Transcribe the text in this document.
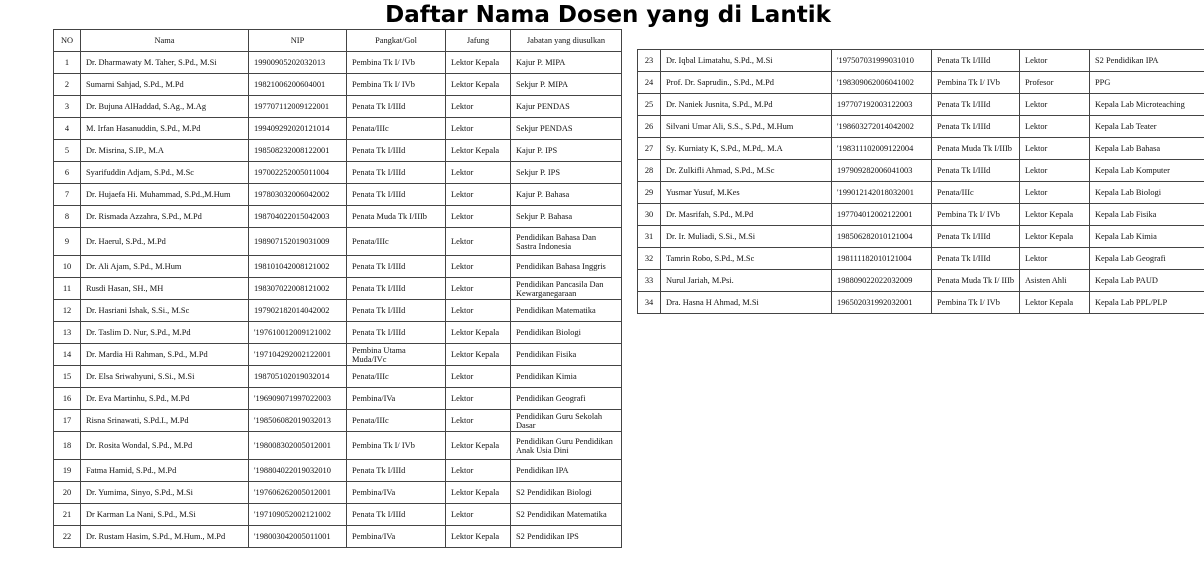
Daftar Nama Dosen yang di Lantik
NO	Nama	NIP	Pangkat/Gol	Jafung	Jabatan yang diusulkan
1	Dr. Dharmawaty M. Taher, S.Pd., M.Si	19900905202032013	Pembina Tk I/ IVb	Lektor Kepala	Kajur P. MIPA
2	Sumarni Sahjad, S.Pd., M.Pd	19821006200604001	Pembina Tk I/ IVb	Lektor Kepala	Sekjur P. MIPA
3	Dr. Bujuna AlHaddad, S.Ag., M.Ag	197707112009122001	Penata Tk I/IIId	Lektor	Kajur PENDAS
4	M. Irfan Hasanuddin, S.Pd., M.Pd	199409292020121014	Penata/IIIc	Lektor	Sekjur PENDAS
5	Dr. Misrina, S.IP., M.A	198508232008122001	Penata Tk I/IIId	Lektor Kepala	Kajur P. IPS
6	Syarifuddin Adjam, S.Pd., M.Sc	197002252005011004	Penata Tk I/IIId	Lektor	Sekjur P. IPS
7	Dr. Hujaefa Hi. Muhammad, S.Pd.,M.Hum	197803032006042002	Penata Tk I/IIId	Lektor	Kajur P. Bahasa
8	Dr. Rismada Azzahra, S.Pd., M.Pd	198704022015042003	Penata Muda Tk I/IIIb	Lektor	Sekjur P. Bahasa
9	Dr. Haerul, S.Pd., M.Pd	198907152019031009	Penata/IIIc	Lektor	Pendidikan Bahasa Dan Sastra Indonesia
10	Dr. Ali Ajam, S.Pd., M.Hum	198101042008121002	Penata Tk I/IIId	Lektor	Pendidikan Bahasa Inggris
11	Rusdi Hasan, SH., MH	198307022008121002	Penata Tk I/IIId	Lektor	Pendidikan Pancasila Dan Kewarganegaraan
12	Dr. Hasriani Ishak, S.Si., M.Sc	197902182014042002	Penata Tk I/IIId	Lektor	Pendidikan Matematika
13	Dr. Taslim D. Nur, S.Pd., M.Pd	'197610012009121002	Penata Tk I/IIId	Lektor Kepala	Pendidikan Biologi
14	Dr. Mardia Hi Rahman, S.Pd., M.Pd	'197104292002122001	Pembina Utama Muda/IVc	Lektor Kepala	Pendidikan Fisika
15	Dr. Elsa Sriwahyuni, S.Si., M.Si	198705102019032014	Penata/IIIc	Lektor	Pendidikan Kimia
16	Dr. Eva Martinhu, S.Pd., M.Pd	'196909071997022003	Pembina/IVa	Lektor	Pendidikan Geografi
17	Risna Srinawati, S.Pd.I., M.Pd	'198506082019032013	Penata/IIIc	Lektor	Pendidikan Guru Sekolah Dasar
18	Dr. Rosita Wondal, S.Pd., M.Pd	'198008302005012001	Pembina Tk I/ IVb	Lektor Kepala	Pendidikan Guru Pendidikan Anak Usia Dini
19	Fatma Hamid, S.Pd., M.Pd	'198804022019032010	Penata Tk I/IIId	Lektor	Pendidikan IPA
20	Dr. Yumima, Sinyo, S.Pd., M.Si	'197606262005012001	Pembina/IVa	Lektor Kepala	S2 Pendidikan Biologi
21	Dr Karman La Nani, S.Pd., M.Si	'197109052002121002	Penata Tk I/IIId	Lektor	S2 Pendidikan Matematika
22	Dr. Rustam Hasim, S.Pd., M.Hum., M.Pd	'198003042005011001	Pembina/IVa	Lektor Kepala	S2 Pendidikan IPS
23	Dr. Iqbal Limatahu, S.Pd., M.Si	'197507031999031010	Penata Tk I/IIId	Lektor	S2 Pendidikan IPA
24	Prof. Dr. Saprudin., S.Pd., M.Pd	'198309062006041002	Pembina Tk I/ IVb	Profesor	PPG
25	Dr. Naniek Jusnita, S.Pd., M.Pd	197707192003122003	Penata Tk I/IIId	Lektor	Kepala Lab Microteaching
26	Silvani Umar Ali, S.S., S.Pd., M.Hum	'198603272014042002	Penata Tk I/IIId	Lektor	Kepala Lab Teater
27	Sy. Kurniaty K, S.Pd., M.Pd,. M.A	'198311102009122004	Penata Muda Tk I/IIIb	Lektor	Kepala Lab Bahasa
28	Dr. Zulkifli Ahmad, S.Pd., M.Sc	197909282006041003	Penata Tk I/IIId	Lektor	Kepala Lab Komputer
29	Yusmar Yusuf, M.Kes	'199012142018032001	Penata/IIIc	Lektor	Kepala Lab Biologi
30	Dr. Masrifah, S.Pd., M.Pd	197704012002122001	Pembina Tk I/ IVb	Lektor Kepala	Kepala Lab Fisika
31	Dr. Ir. Muliadi, S.Si., M.Si	198506282010121004	Penata Tk I/IIId	Lektor Kepala	Kepala Lab Kimia
32	Tamrin Robo, S.Pd., M.Sc	198111182010121004	Penata Tk I/IIId	Lektor	Kepala Lab Geografi
33	Nurul Jariah, M.Psi.	198809022022032009	Penata Muda Tk I/ IIIb	Asisten Ahli	Kepala Lab PAUD
34	Dra. Hasna H Ahmad, M.Si	196502031992032001	Pembina Tk I/ IVb	Lektor Kepala	Kepala Lab PPL/PLP
